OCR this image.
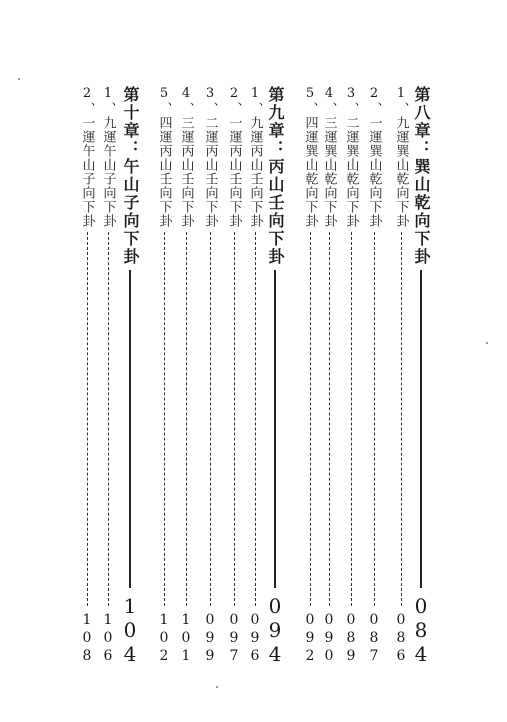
第八章：巽山乾向下卦
084
1、九運巽山乾向下卦
086
2、一運巽山乾向下卦
087
3、二運巽山乾向下卦
089
4、三運巽山乾向下卦
090
5、四運巽山乾向下卦
092
第九章：丙山壬向下卦
094
1、九運丙山壬向下卦
096
2、一運丙山壬向下卦
097
3、二運丙山壬向下卦
099
4、三運丙山壬向下卦
101
5、四運丙山壬向下卦
102
第十章：午山子向下卦
104
1、九運午山子向下卦
106
2、一運午山子向下卦
108
